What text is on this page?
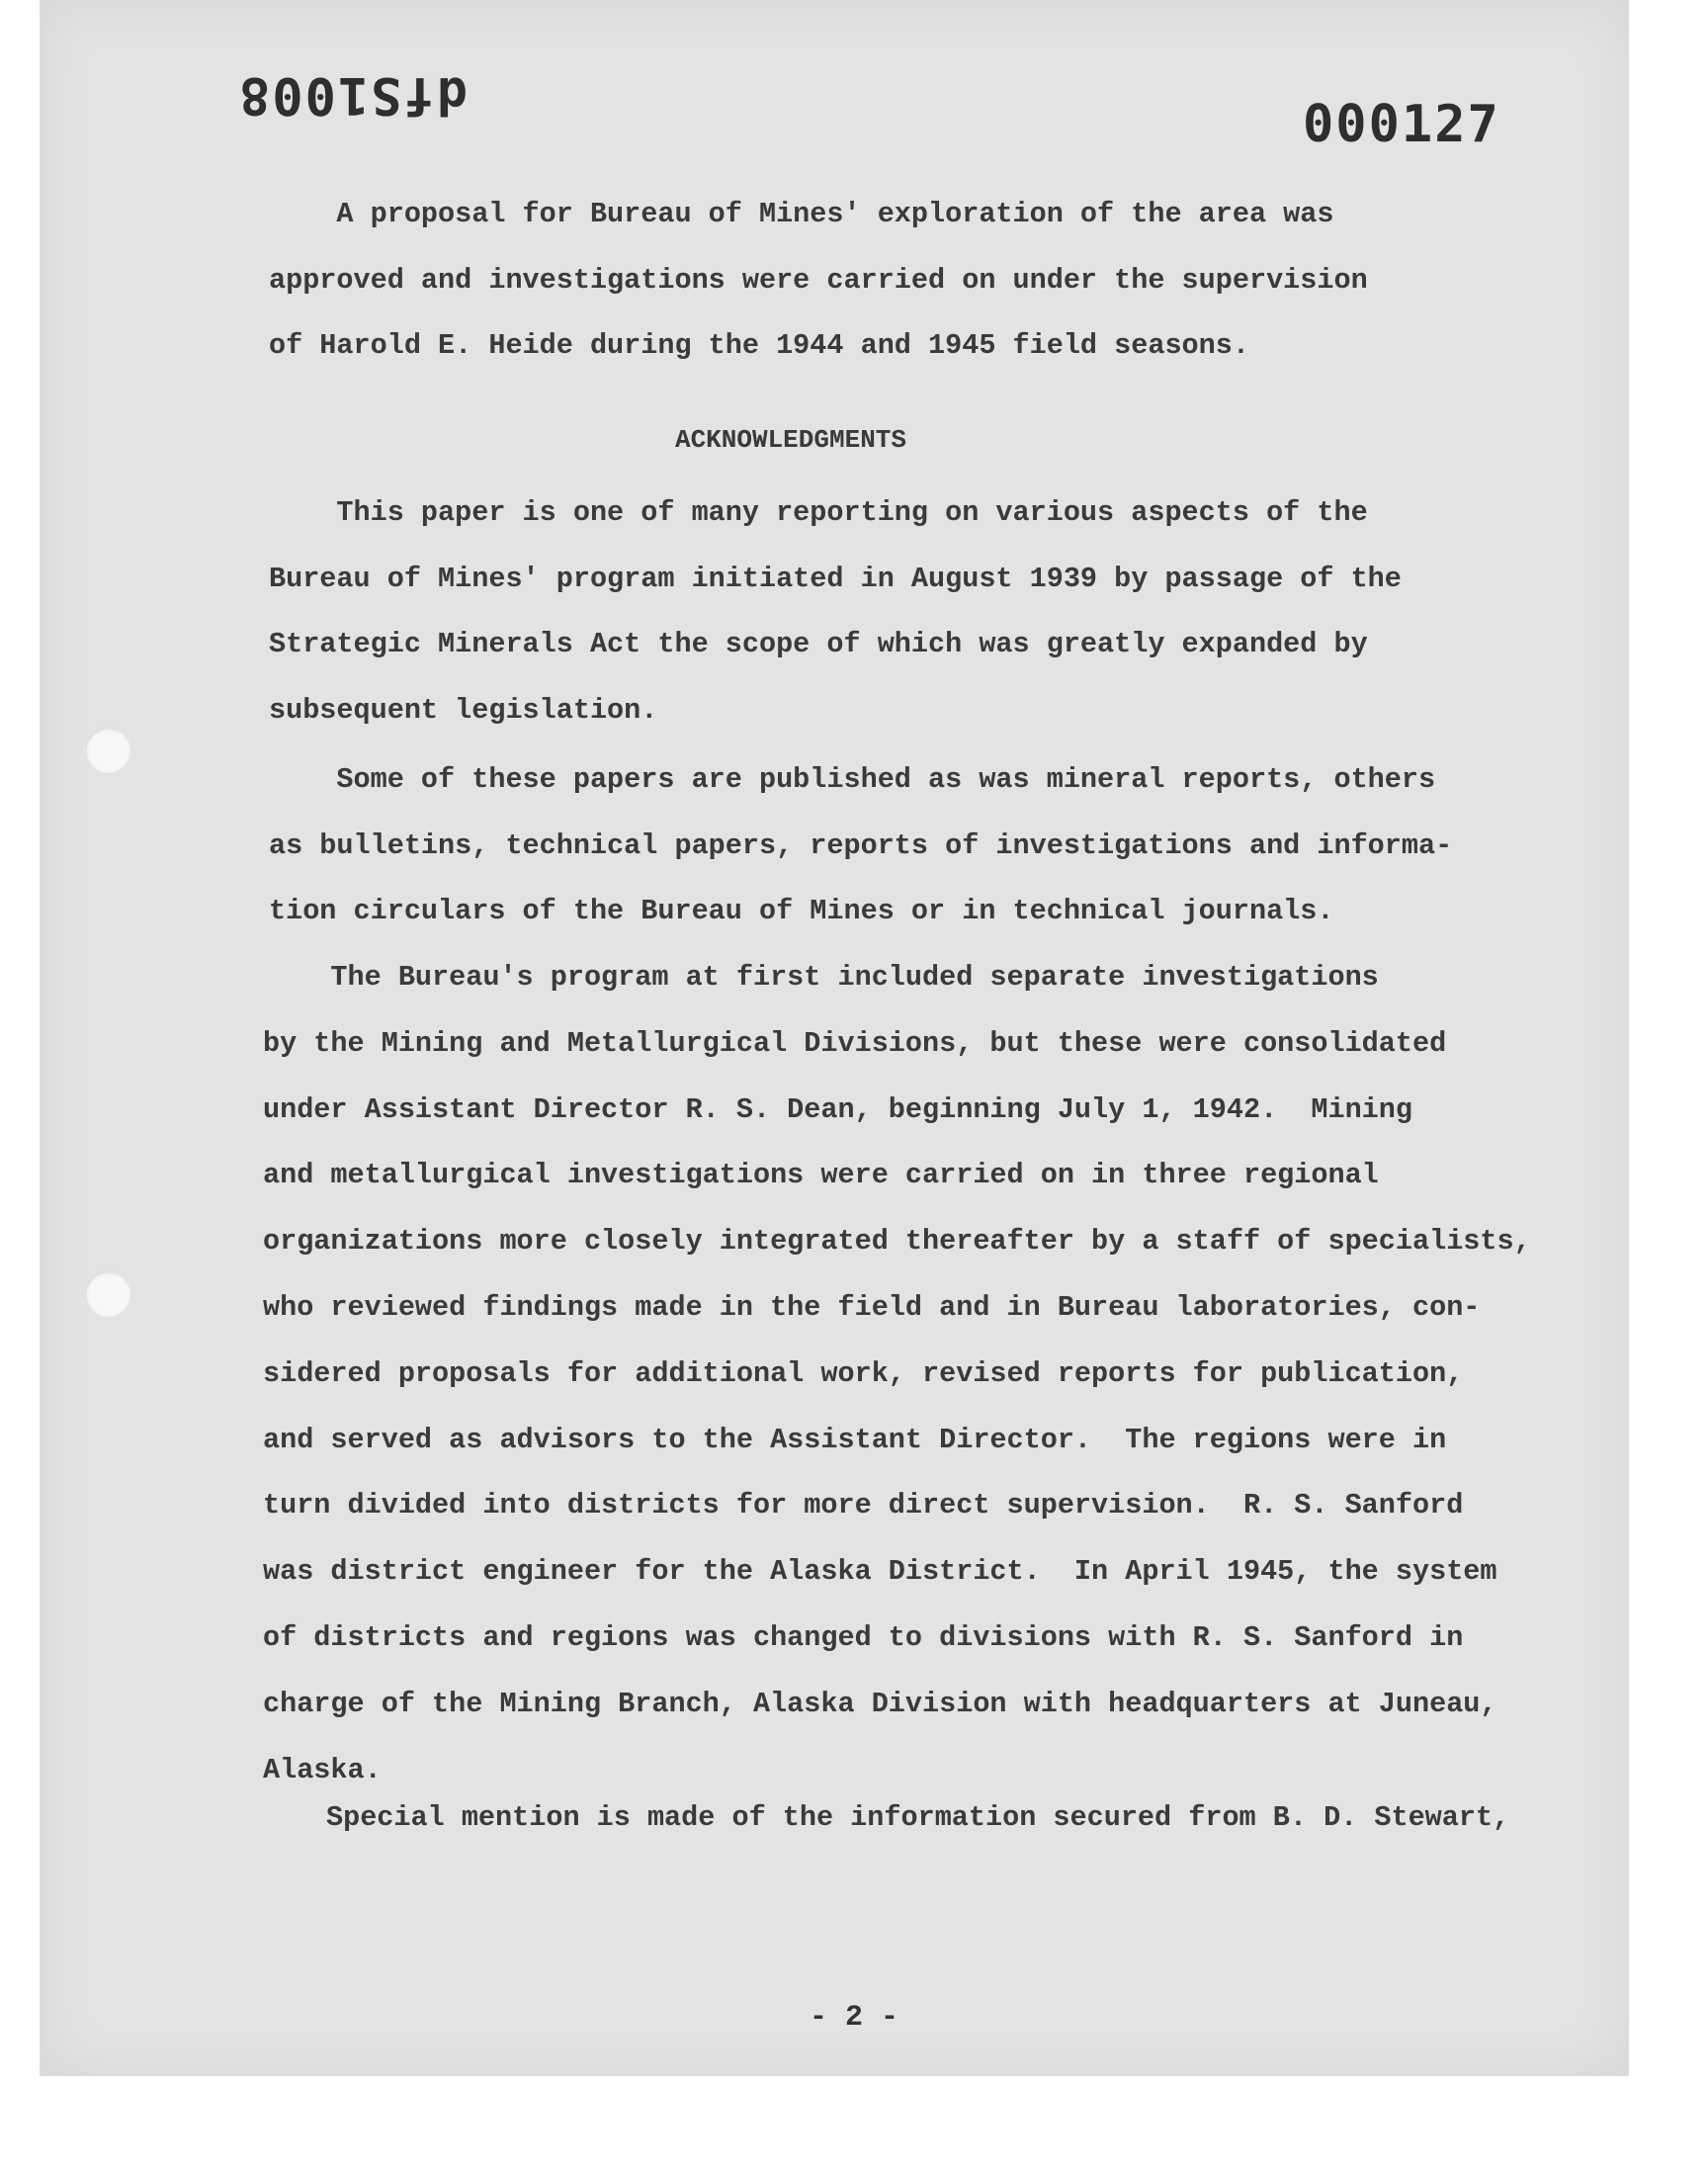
dfS1008	000127
A proposal for Bureau of Mines' exploration of the area was
approved and investigations were carried on under the supervision
of Harold E. Heide during the 1944 and 1945 field seasons.
ACKNOWLEDGMENTS
This paper is one of many reporting on various aspects of the
Bureau of Mines' program initiated in August 1939 by passage of the
Strategic Minerals Act the scope of which was greatly expanded by
subsequent legislation.
Some of these papers are published as was mineral reports, others
as bulletins, technical papers, reports of investigations and informa-
tion circulars of the Bureau of Mines or in technical journals.
The Bureau's program at first included separate investigations
by the Mining and Metallurgical Divisions, but these were consolidated
under Assistant Director R. S. Dean, beginning July 1, 1942.  Mining
and metallurgical investigations were carried on in three regional
organizations more closely integrated thereafter by a staff of specialists,
who reviewed findings made in the field and in Bureau laboratories, con-
sidered proposals for additional work, revised reports for publication,
and served as advisors to the Assistant Director.  The regions were in
turn divided into districts for more direct supervision.  R. S. Sanford
was district engineer for the Alaska District.  In April 1945, the system
of districts and regions was changed to divisions with R. S. Sanford in
charge of the Mining Branch, Alaska Division with headquarters at Juneau,
Alaska.
Special mention is made of the information secured from B. D. Stewart,
- 2 -
